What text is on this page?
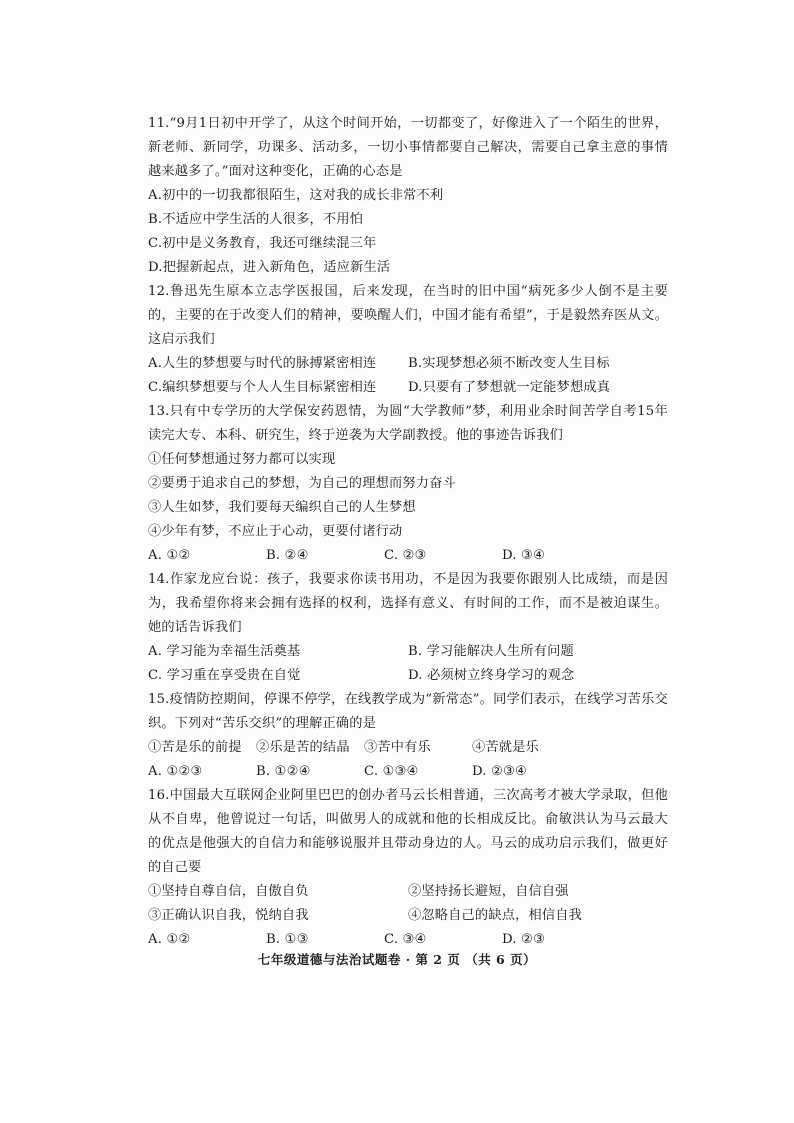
11.“9月1日初中开学了，从这个时间开始，一切都变了，好像进入了一个陌生的世界，新老师、新同学，功课多、活动多，一切小事情都要自己解决，需要自己拿主意的事情越来越多了。”面对这种变化，正确的心态是

A.初中的一切我都很陌生，这对我的成长非常不利

B.不适应中学生活的人很多，不用怕

C.初中是义务教育，我还可继续混三年

D.把握新起点，进入新角色，适应新生活

12.鲁迅先生原本立志学医报国，后来发现，在当时的旧中国“病死多少人倒不是主要的，主要的在于改变人们的精神，要唤醒人们，中国才能有希望”，于是毅然弃医从文。这启示我们

A.人生的梦想要与时代的脉搏紧密相连	B.实现梦想必须不断改变人生目标
C.编织梦想要与个人人生目标紧密相连	D.只要有了梦想就一定能梦想成真

13.只有中专学历的大学保安药恩情，为圆“大学教师”梦，利用业余时间苦学自考15年读完大专、本科、研究生，终于逆袭为大学副教授。他的事迹告诉我们

①任何梦想通过努力都可以实现

②要勇于追求自己的梦想，为自己的理想而努力奋斗

③人生如梦，我们要每天编织自己的人生梦想

④少年有梦，不应止于心动，更要付诸行动

A. ①②	B. ②④	C. ②③	D. ③④

14.作家龙应台说：孩子，我要求你读书用功，不是因为我要你跟别人比成绩，而是因为，我希望你将来会拥有选择的权利，选择有意义、有时间的工作，而不是被迫谋生。她的话告诉我们

A. 学习能为幸福生活奠基	B. 学习能解决人生所有问题
C. 学习重在享受贵在自觉	D. 必须树立终身学习的观念

15.疫情防控期间，停课不停学，在线教学成为“新常态”。同学们表示，在线学习苦乐交织。下列对“苦乐交织”的理解正确的是

①苦是乐的前提	②乐是苦的结晶	③苦中有乐	④苦就是乐
A. ①②③	B. ①②④	C. ①③④	D. ②③④

16.中国最大互联网企业阿里巴巴的创办者马云长相普通，三次高考才被大学录取，但他从不自卑，他曾说过一句话，叫做男人的成就和他的长相成反比。俞敏洪认为马云最大的优点是他强大的自信力和能够说服并且带动身边的人。马云的成功启示我们，做更好的自己要

①坚持自尊自信，自傲自负	②坚持扬长避短，自信自强
③正确认识自我，悦纳自我	④忽略自己的缺点，相信自我
A. ①②	B. ①③	C. ③④	D. ②③
七年级道德与法治试题卷 · 第 2 页 （共 6 页）
